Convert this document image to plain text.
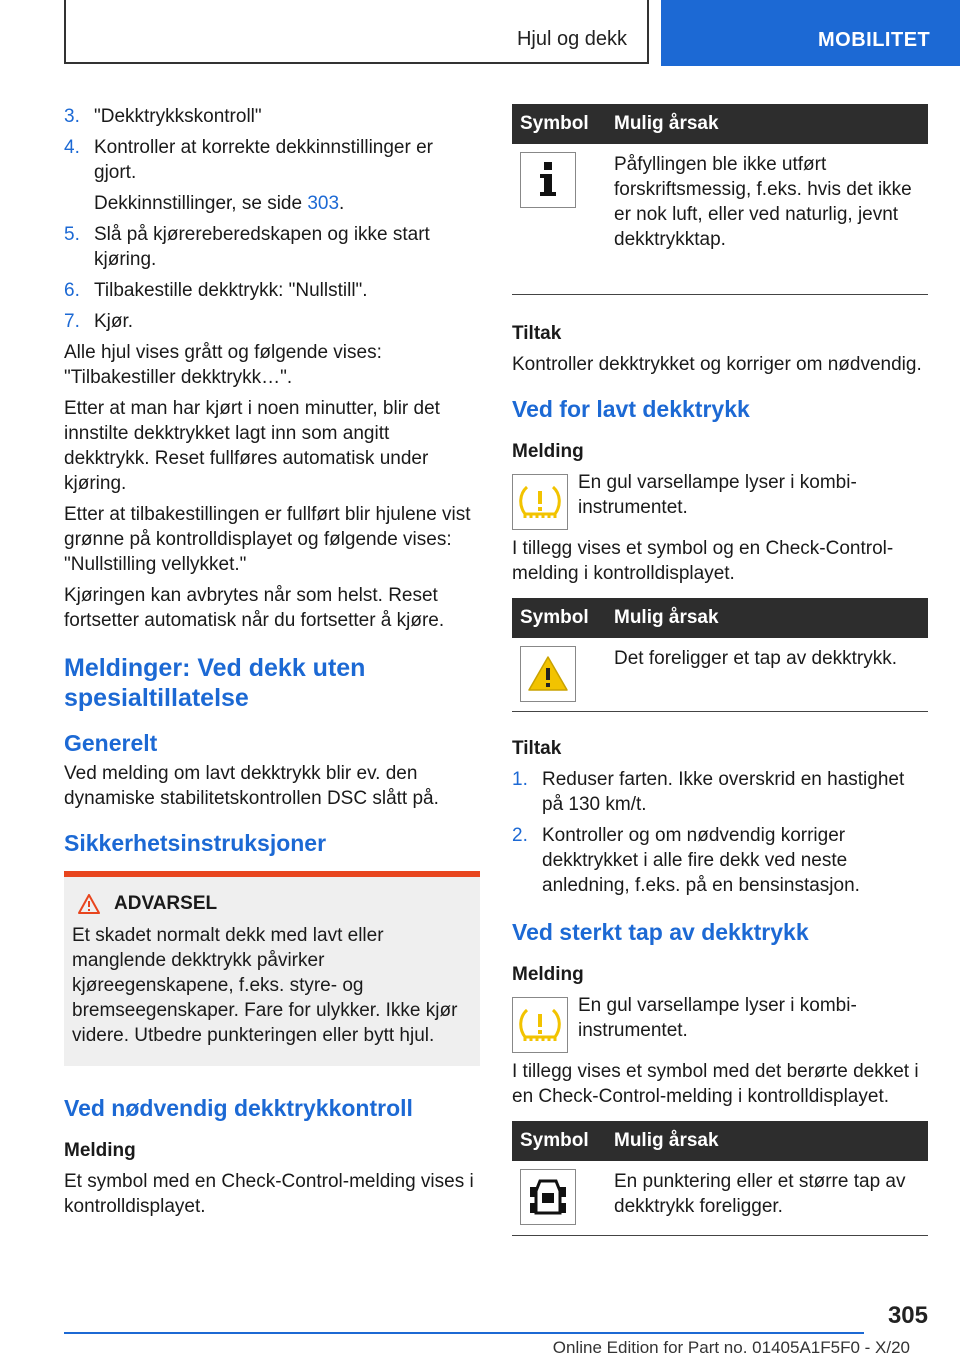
Hjul og dekk	MOBILITET
3. "Dekktrykkskontroll"
4. Kontroller at korrekte dekkinnstillinger er gjort.

Dekkinnstillinger, se side 303.

5. Slå på kjørereberedskapen og ikke start kjøring.
6. Tilbakestille dekktrykk: "Nullstill".
7. Kjør.

Alle hjul vises grått og følgende vises: "Tilbakestiller dekktrykk…".

Etter at man har kjørt i noen minutter, blir det innstilte dekktrykket lagt inn som angitt dekktrykk. Reset fullføres automatisk under kjøring.

Etter at tilbakestillingen er fullført blir hjulene vist grønne på kontrolldisplayet og følgende vises: "Nullstilling vellykket."

Kjøringen kan avbrytes når som helst. Reset fortsetter automatisk når du fortsetter å kjøre.

Meldinger: Ved dekk uten spesialtillatelse
Generelt

Ved melding om lavt dekktrykk blir ev. den dynamiske stabilitetskontrollen DSC slått på.

Sikkerhetsinstruksjoner
ADVARSEL

Et skadet normalt dekk med lavt eller manglende dekktrykk påvirker kjøreegenskapene, f.eks. styre- og bremseegenskaper. Fare for ulykker. Ikke kjør videre. Utbedre punkteringen eller bytt hjul.

Ved nødvendig dekktrykkontroll
Melding

Et symbol med en Check-Control-melding vises i kontrolldisplayet.

Symbol	Mulig årsak

	Påfyllingen ble ikke utført forskriftsmessig, f.eks. hvis det ikke er nok luft, eller ved naturlig, jevnt dekktrykktap.
Tiltak

Kontroller dekktrykket og korriger om nødvendig.

Ved for lavt dekktrykk
Melding

En gul varsellampe lyser i kombi-instrumentet.

I tillegg vises et symbol og en Check-Control-melding i kontrolldisplayet.

Symbol	Mulig årsak

	Det foreligger et tap av dekktrykk.
Tiltak
1. Reduser farten. Ikke overskrid en hastighet på 130 km/t.
2. Kontroller og om nødvendig korriger dekktrykket i alle fire dekk ved neste anledning, f.eks. på en bensinstasjon.
Ved sterkt tap av dekktrykk
Melding

En gul varsellampe lyser i kombi-instrumentet.

I tillegg vises et symbol med det berørte dekket i en Check-Control-melding i kontrolldisplayet.

Symbol	Mulig årsak

	En punktering eller et større tap av dekktrykk foreligger.
305
Online Edition for Part no. 01405A1F5F0 - X/20
